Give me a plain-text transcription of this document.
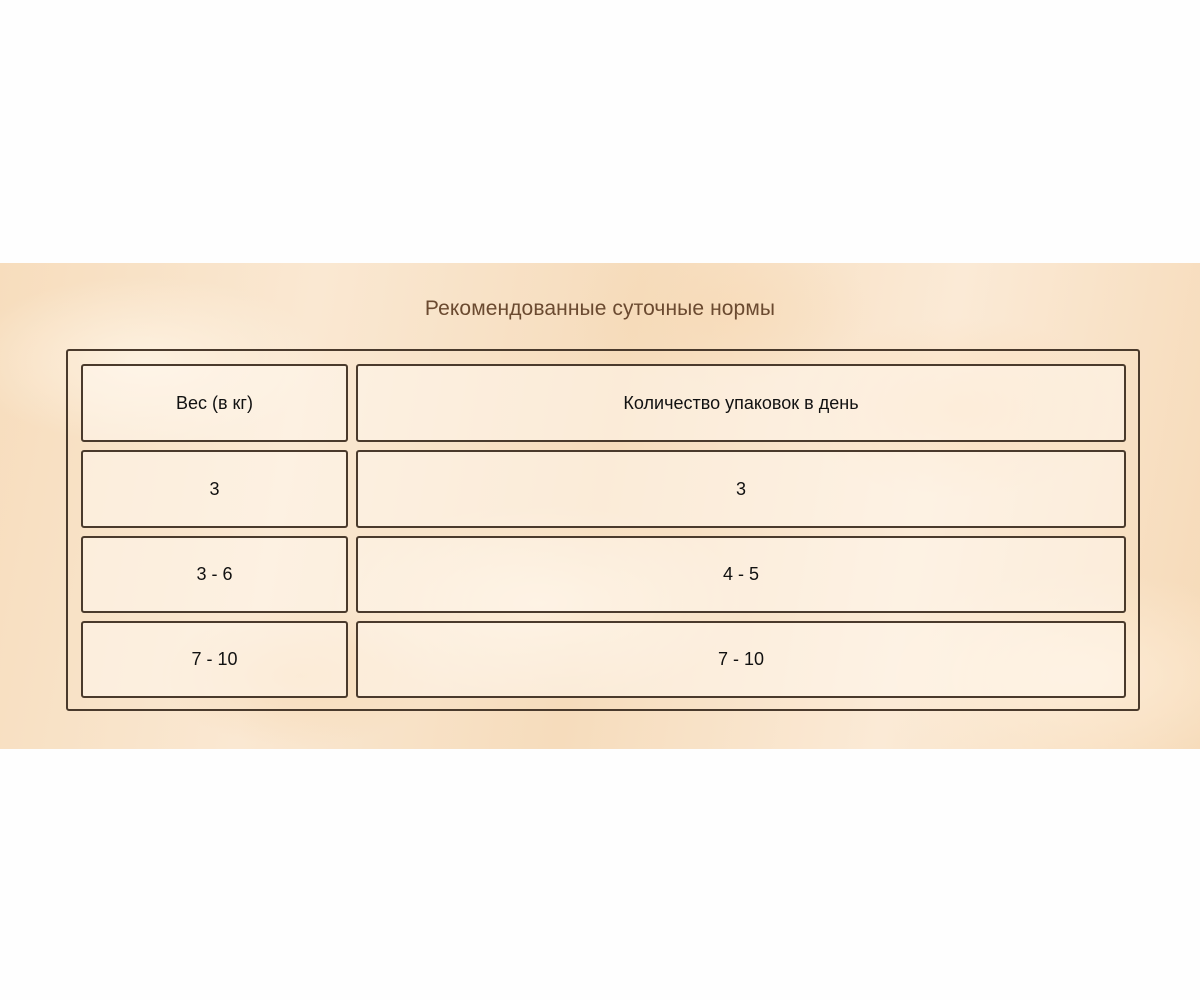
Рекомендованные суточные нормы
Вес (в кг)	Количество упаковок в день
3	3
3 - 6	4 - 5
7 - 10	7 - 10
